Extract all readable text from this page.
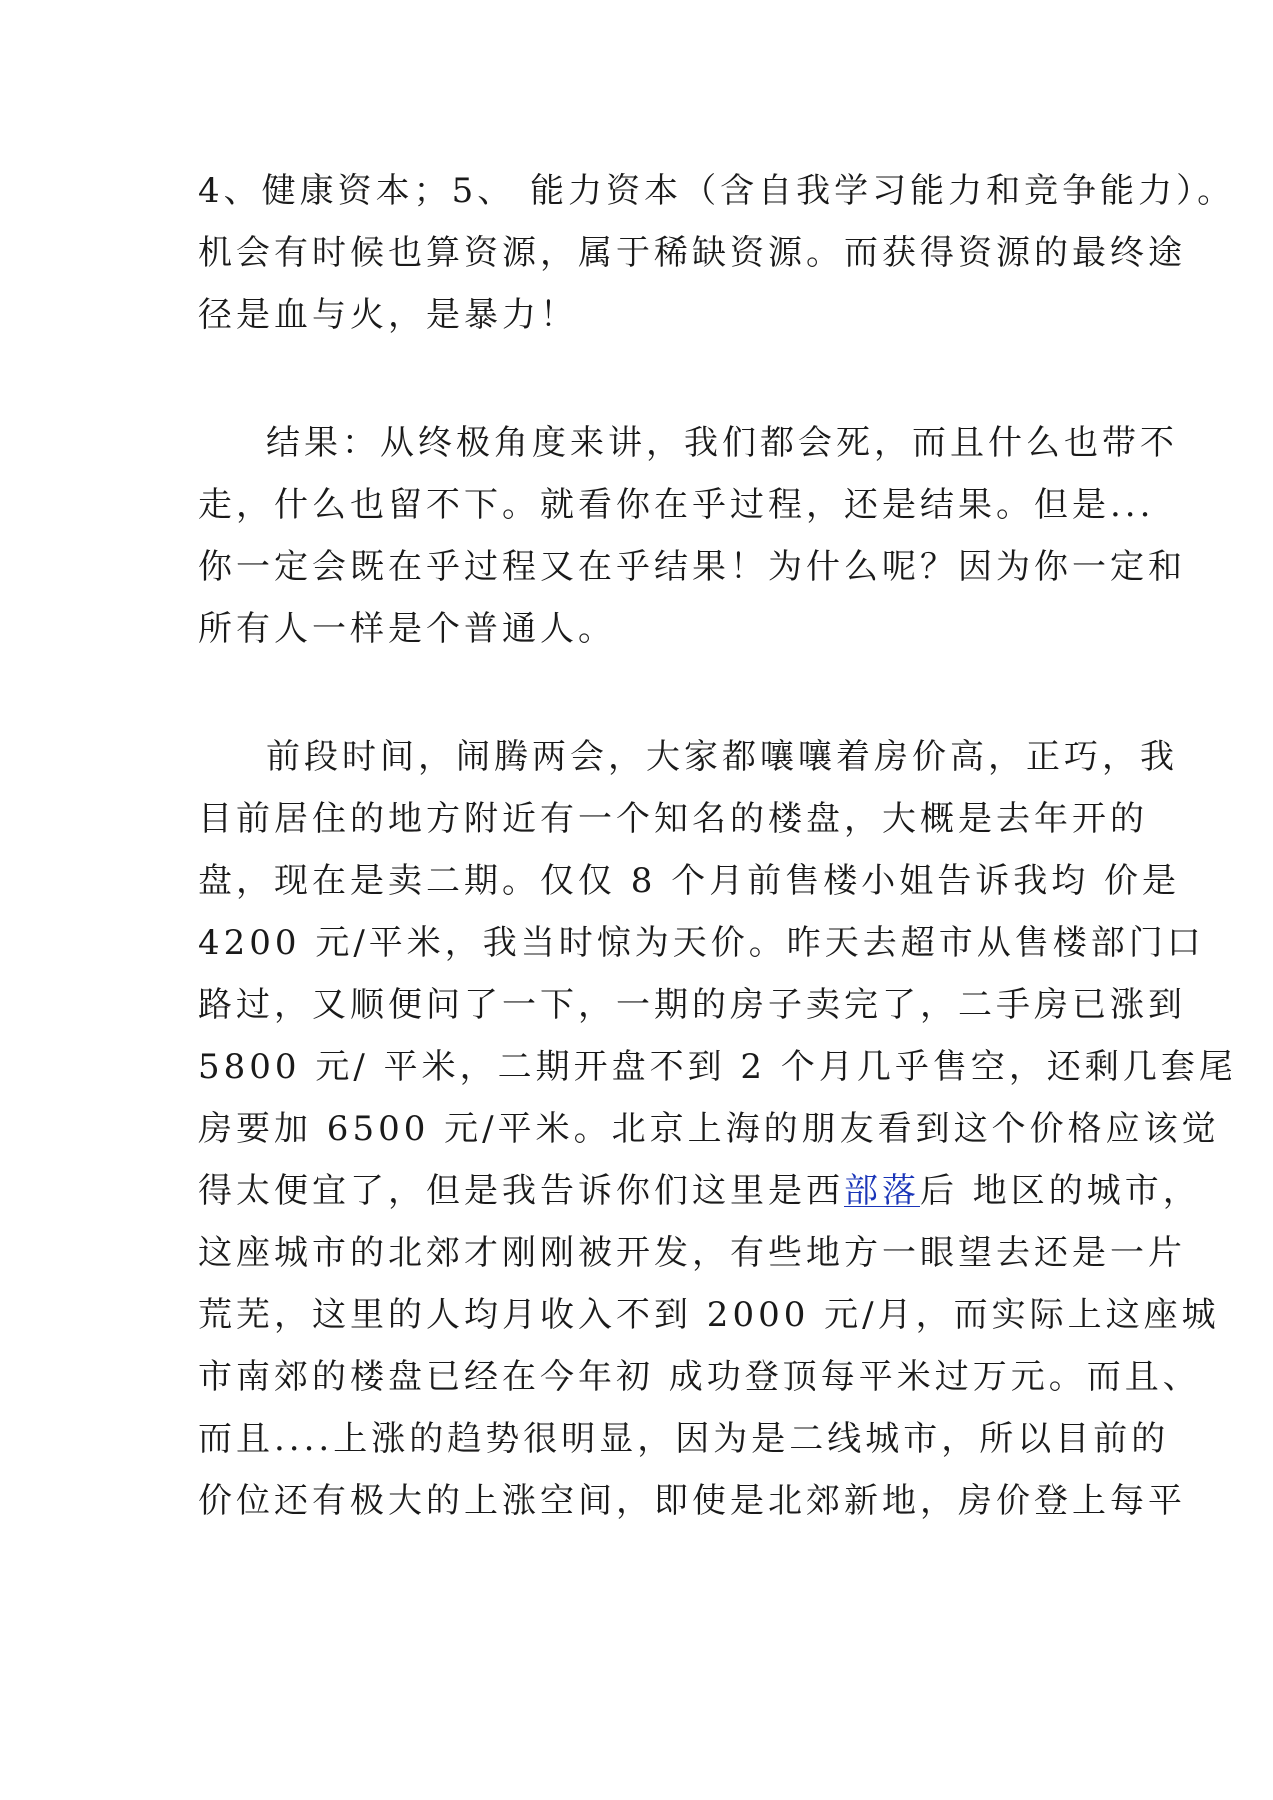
4、健康资本；5、 能力资本（含自我学习能力和竞争能力）。
机会有时候也算资源，属于稀缺资源。而获得资源的最终途
径是血与火，是暴力！
结果：从终极角度来讲，我们都会死，而且什么也带不
走，什么也留不下。就看你在乎过程，还是结果。但是...
你一定会既在乎过程又在乎结果！为什么呢？因为你一定和
所有人一样是个普通人。
前段时间，闹腾两会，大家都嚷嚷着房价高，正巧，我
目前居住的地方附近有一个知名的楼盘，大概是去年开的
盘，现在是卖二期。仅仅 8 个月前售楼小姐告诉我均 价是
4200 元/平米，我当时惊为天价。昨天去超市从售楼部门口
路过，又顺便问了一下，一期的房子卖完了，二手房已涨到
5800 元/ 平米，二期开盘不到 2 个月几乎售空，还剩几套尾
房要加 6500 元/平米。北京上海的朋友看到这个价格应该觉
得太便宜了，但是我告诉你们这里是西部落后 地区的城市，
这座城市的北郊才刚刚被开发，有些地方一眼望去还是一片
荒芜，这里的人均月收入不到 2000 元/月，而实际上这座城
市南郊的楼盘已经在今年初 成功登顶每平米过万元。而且、
而且....上涨的趋势很明显，因为是二线城市，所以目前的
价位还有极大的上涨空间，即使是北郊新地，房价登上每平
